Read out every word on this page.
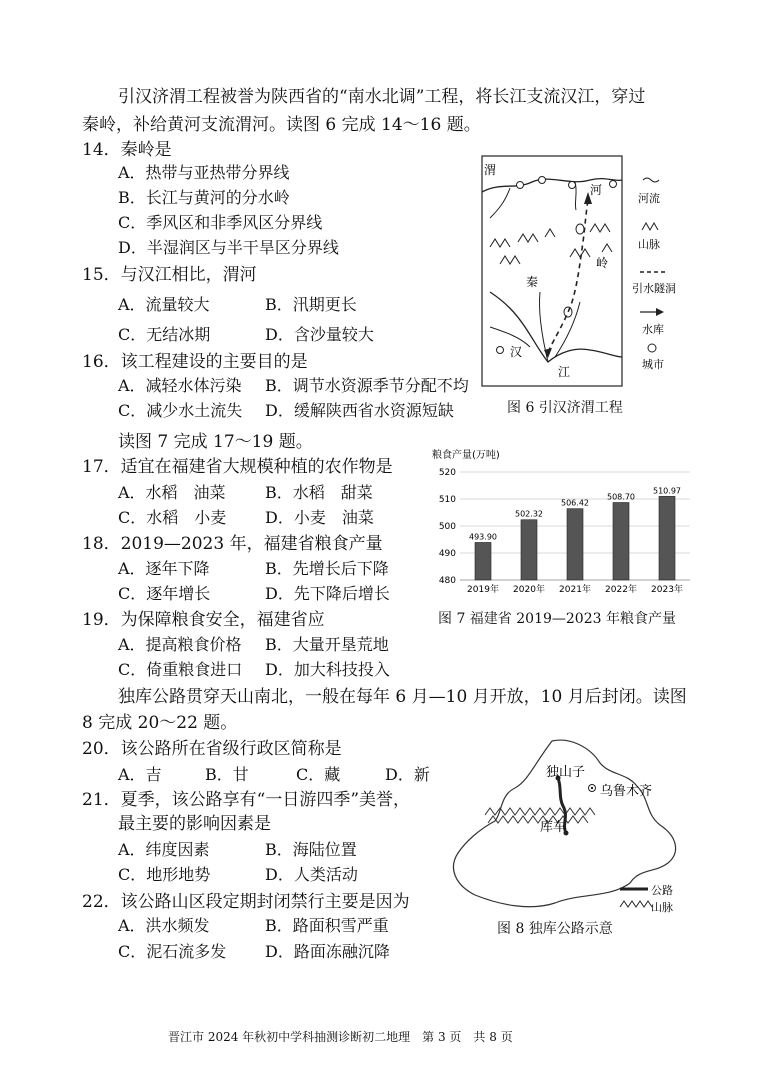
引汉济渭工程被誉为陕西省的“南水北调”工程，将长江支流汉江，穿过
秦岭，补给黄河支流渭河。读图 6 完成 14～16 题。
14．秦岭是
A．热带与亚热带分界线
B．长江与黄河的分水岭
C．季风区和非季风区分界线
D．半湿润区与半干旱区分界线
15．与汉江相比，渭河
A．流量较大	B．汛期更长
C．无结冰期	D．含沙量较大
16．该工程建设的主要目的是
A．减轻水体污染 B．调节水资源季节分配不均
C．减少水土流失 D．缓解陕西省水资源短缺
读图 7 完成 17～19 题。
17．适宜在福建省大规模种植的农作物是
A．水稻　油菜 B．水稻　甜菜
C．水稻　小麦 D．小麦　油菜
18．2019—2023 年，福建省粮食产量
A．逐年下降	B．先增长后下降
C．逐年增长	D．先下降后增长
19．为保障粮食安全，福建省应
A．提高粮食价格 B．大量开垦荒地
C．倚重粮食进口 D．加大科技投入
独库公路贯穿天山南北，一般在每年 6 月—10 月开放，10 月后封闭。读图
8 完成 20～22 题。
20．该公路所在省级行政区简称是
A．吉	B．甘	C．藏	D．新
21．夏季，该公路享有“一日游四季”美誉，
最主要的影响因素是
A．纬度因素	B．海陆位置
C．地形地势	D．人类活动
22．该公路山区段定期封闭禁行主要是因为
A．洪水频发	B．路面积雪严重
C．泥石流多发 D．路面冻融沉降
渭
河
秦
岭
汉
江
河流
山脉
引水隧洞
水库
城市
图 6 引汉济渭工程
粮食产量(万吨)
480
490
500
510
520
493.90
2019年
502.32
2020年
506.42
2021年
508.70
2022年
510.97
2023年
图 7 福建省 2019—2023 年粮食产量
独山子
乌鲁木齐
库车
公路
山脉
图 8 独库公路示意
晋江市 2024 年秋初中学科抽测诊断初二地理　第 3 页　共 8 页
